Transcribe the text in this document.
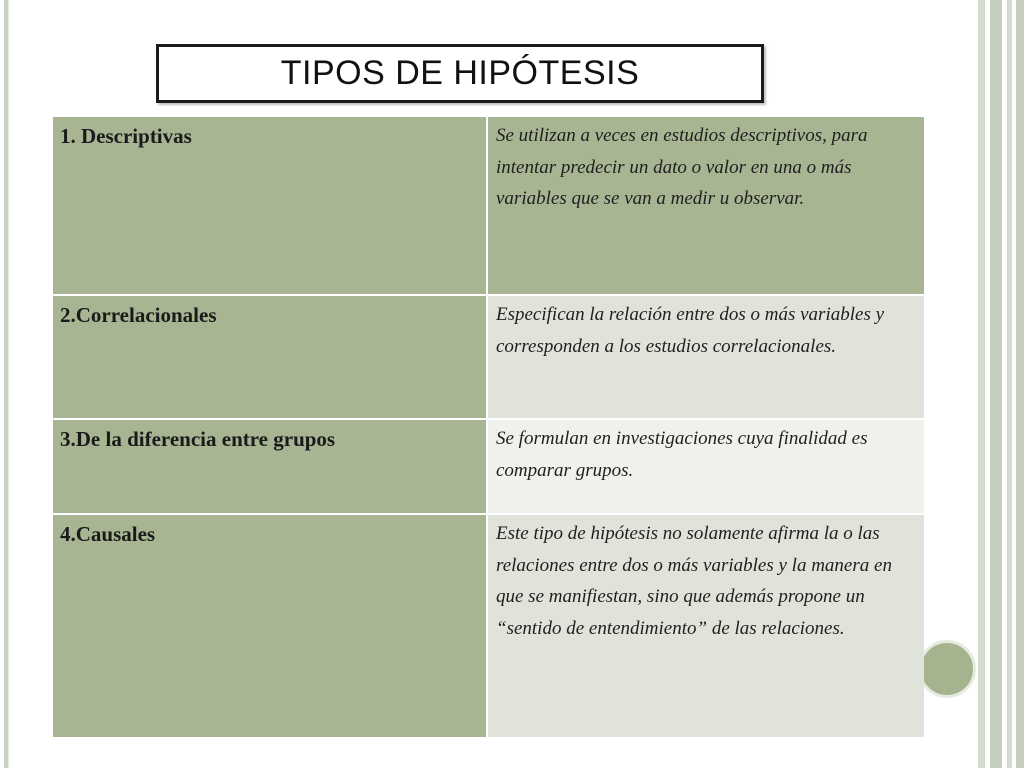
TIPOS DE HIPÓTESIS
1. Descriptivas	Se utilizan a veces en estudios descriptivos, para intentar predecir un dato o valor en una o más variables que se van a medir u observar.
2.Correlacionales	Especifican la relación entre dos o más variables y corresponden a los estudios correlacionales.
3.De la diferencia entre grupos	Se formulan en investigaciones cuya finalidad es comparar grupos.
4.Causales	Este tipo de hipótesis no solamente afirma la o las relaciones entre dos o más variables y la manera en que se manifiestan, sino que además propone un “sentido de entendimiento” de las relaciones.
